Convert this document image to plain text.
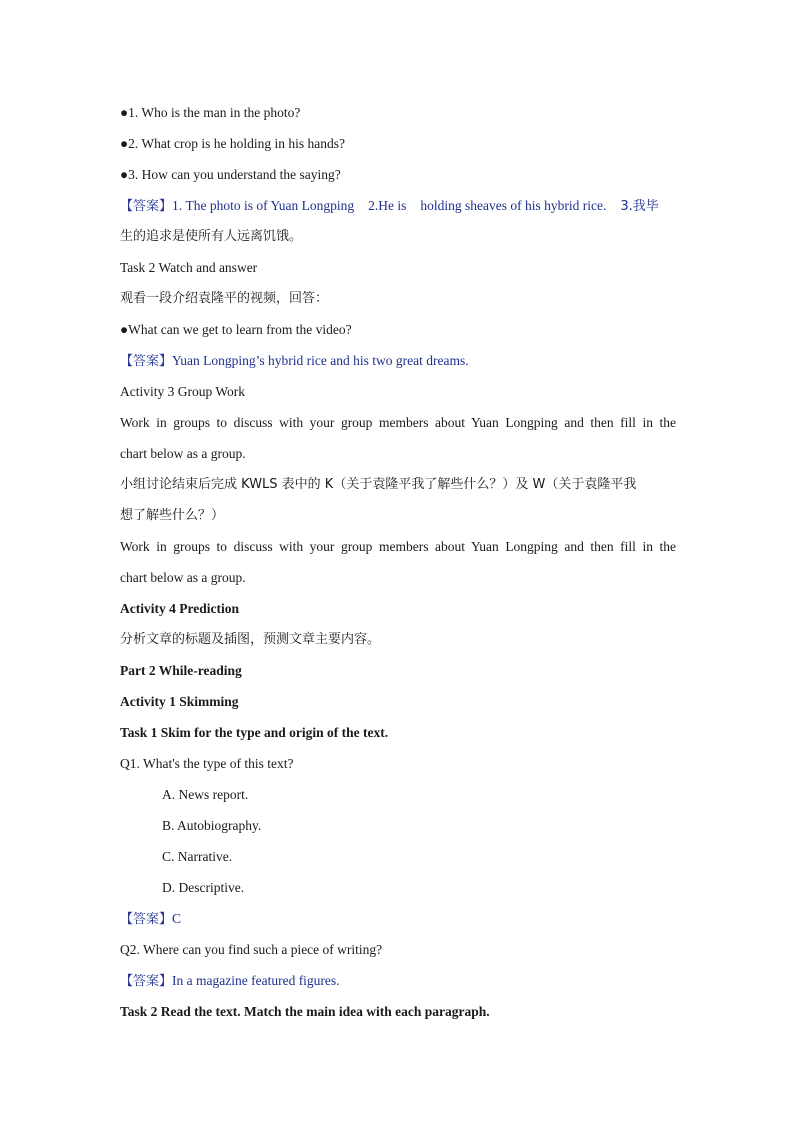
●1. Who is the man in the photo?
●2. What crop is he holding in his hands?
●3. How can you understand the saying?
【答案】1. The photo is of Yuan Longping 2.He is holding sheaves of his hybrid rice. 3.我毕
生的追求是使所有人远离饥饿。
Task 2 Watch and answer
观看一段介绍袁隆平的视频，回答：
●What can we get to learn from the video?
【答案】Yuan Longping’s hybrid rice and his two great dreams.
Activity 3 Group Work
Work in groups to discuss with your group members about Yuan Longping and then fill in the
chart below as a group.
小组讨论结束后完成 KWLS 表中的 K（关于袁隆平我了解些什么？）及 W（关于袁隆平我
想了解些什么？）
Work in groups to discuss with your group members about Yuan Longping and then fill in the
chart below as a group.
Activity 4 Prediction
分析文章的标题及插图，预测文章主要内容。
Part 2 While-reading
Activity 1 Skimming
Task 1 Skim for the type and origin of the text.
Q1. What's the type of this text?
A. News report.
B. Autobiography.
C. Narrative.
D. Descriptive.
【答案】C
Q2. Where can you find such a piece of writing?
【答案】In a magazine featured figures.
Task 2 Read the text. Match the main idea with each paragraph.
